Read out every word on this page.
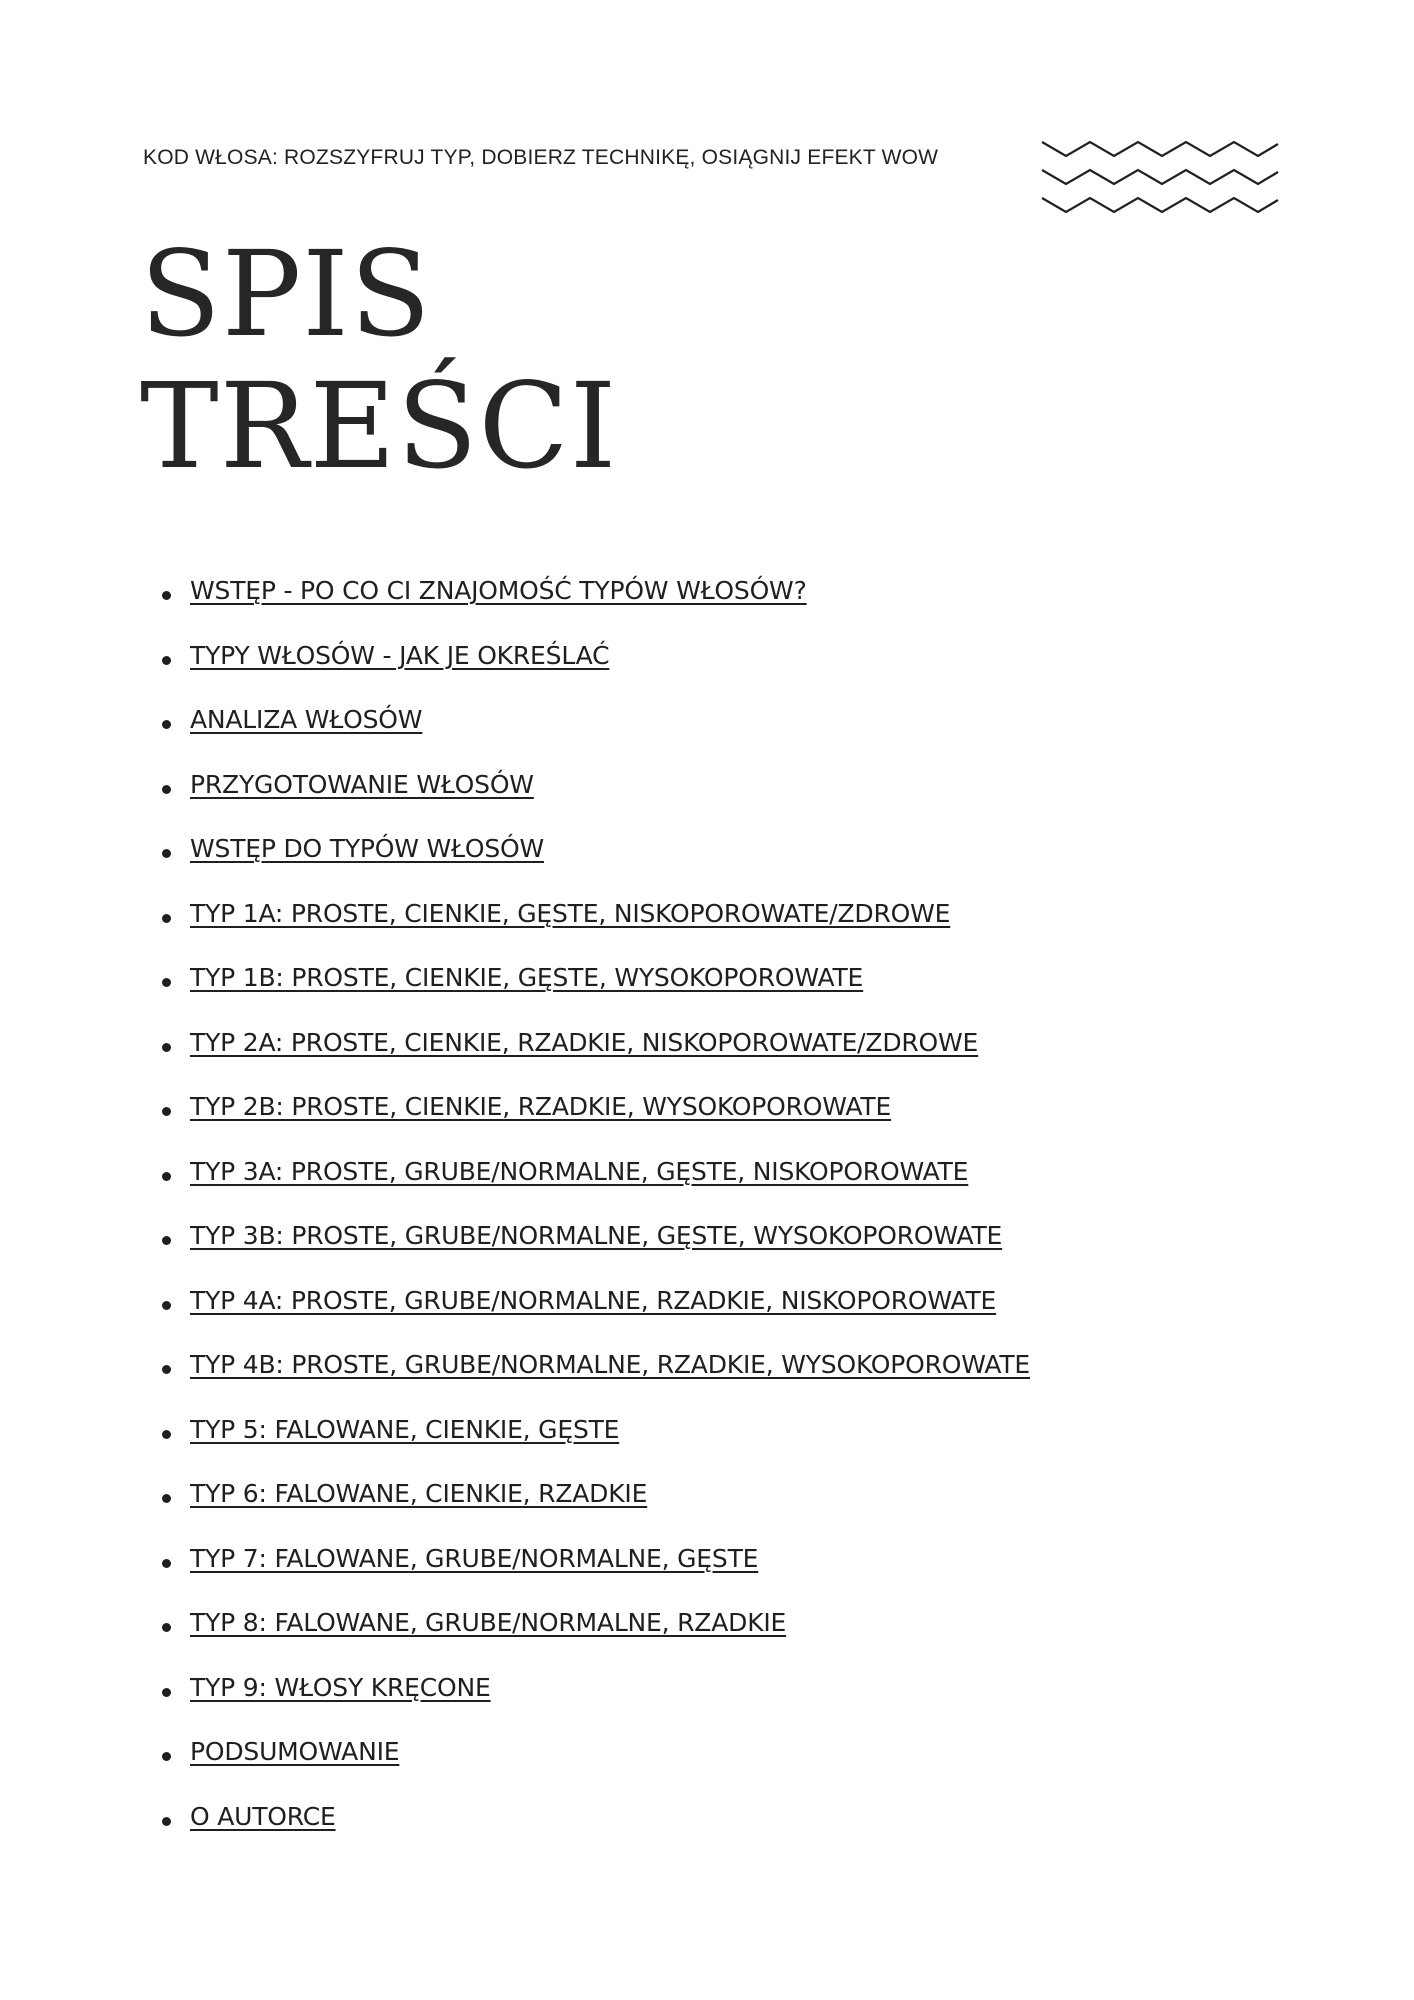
KOD WŁOSA: ROZSZYFRUJ TYP, DOBIERZ TECHNIKĘ, OSIĄGNIJ EFEKT WOW
SPIS
TREŚCI
WSTĘP - PO CO CI ZNAJOMOŚĆ TYPÓW WŁOSÓW?
TYPY WŁOSÓW - JAK JE OKREŚLAĆ
ANALIZA WŁOSÓW
PRZYGOTOWANIE WŁOSÓW
WSTĘP DO TYPÓW WŁOSÓW
TYP 1A: PROSTE, CIENKIE, GĘSTE, NISKOPOROWATE/ZDROWE
TYP 1B: PROSTE, CIENKIE, GĘSTE, WYSOKOPOROWATE
TYP 2A: PROSTE, CIENKIE, RZADKIE, NISKOPOROWATE/ZDROWE
TYP 2B: PROSTE, CIENKIE, RZADKIE, WYSOKOPOROWATE
TYP 3A: PROSTE, GRUBE/NORMALNE, GĘSTE, NISKOPOROWATE
TYP 3B: PROSTE, GRUBE/NORMALNE, GĘSTE, WYSOKOPOROWATE
TYP 4A: PROSTE, GRUBE/NORMALNE, RZADKIE, NISKOPOROWATE
TYP 4B: PROSTE, GRUBE/NORMALNE, RZADKIE, WYSOKOPOROWATE
TYP 5: FALOWANE, CIENKIE, GĘSTE
TYP 6: FALOWANE, CIENKIE, RZADKIE
TYP 7: FALOWANE, GRUBE/NORMALNE, GĘSTE
TYP 8: FALOWANE, GRUBE/NORMALNE, RZADKIE
TYP 9: WŁOSY KRĘCONE
PODSUMOWANIE
O AUTORCE
